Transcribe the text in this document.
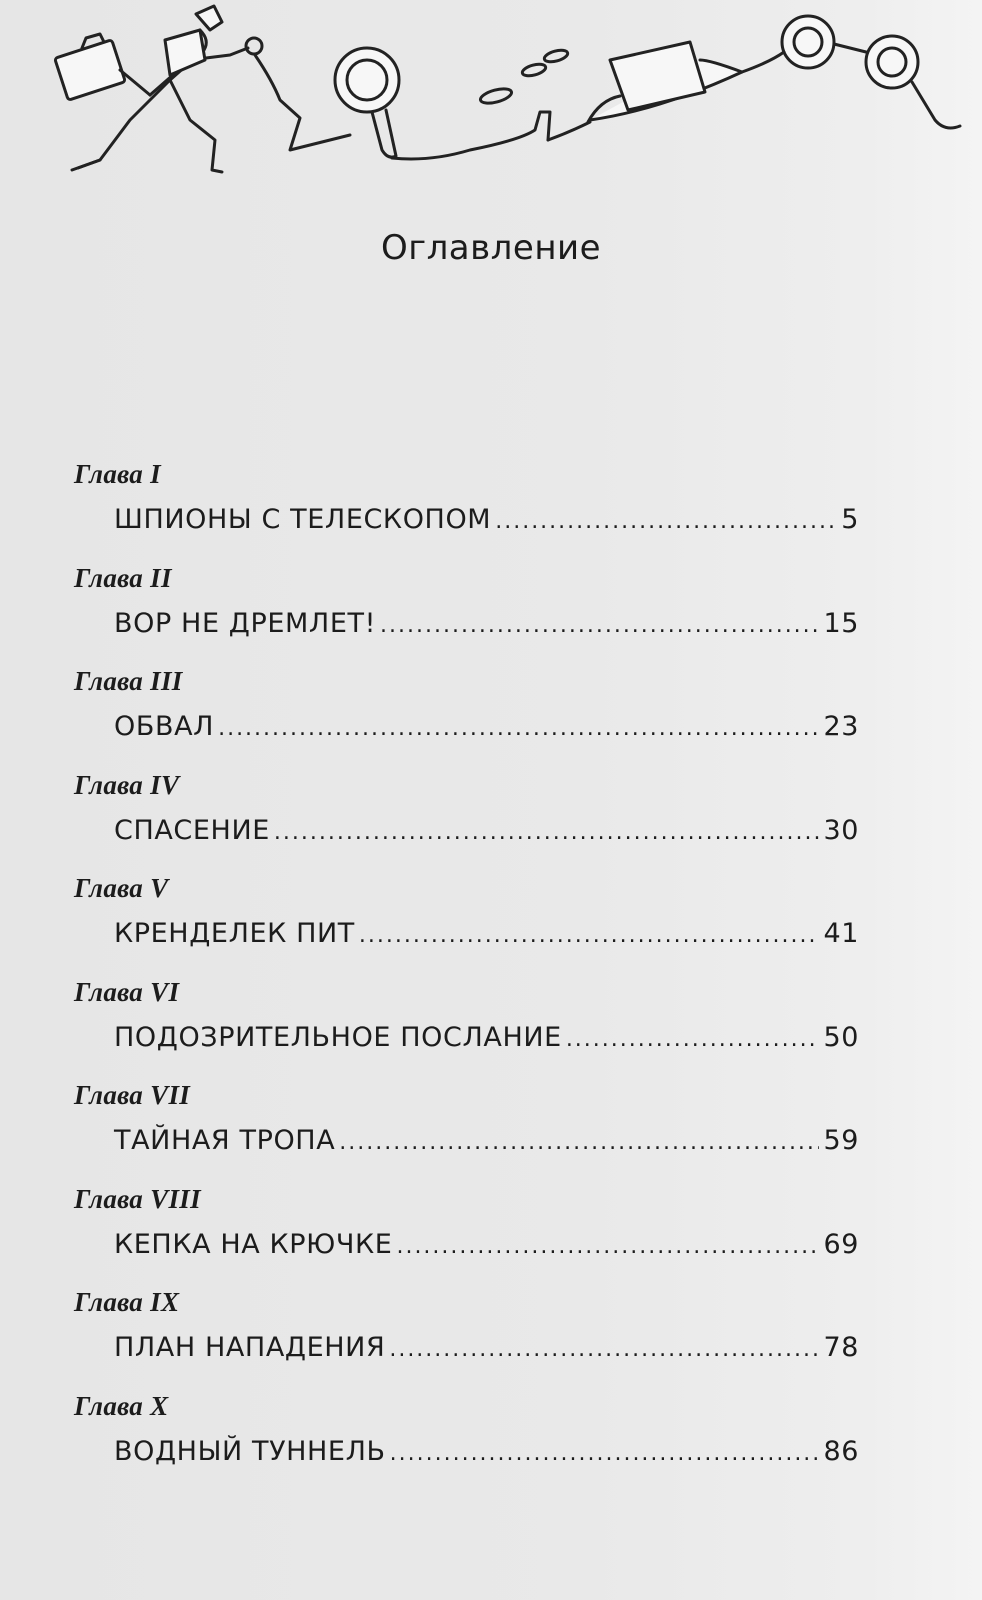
Оглавление
Глава I
ШПИОНЫ С ТЕЛЕСКОПОМ .....	5
Глава II
ВОР НЕ ДРЕМЛЕТ! .....	15
Глава III
ОБВАЛ .....	23
Глава IV
СПАСЕНИЕ .....	30
Глава V
КРЕНДЕЛЕК ПИТ .....	41
Глава VI
ПОДОЗРИТЕЛЬНОЕ ПОСЛАНИЕ .....	50
Глава VII
ТАЙНАЯ ТРОПА .....	59
Глава VIII
КЕПКА НА КРЮЧКЕ .....	69
Глава IX
ПЛАН НАПАДЕНИЯ .....	78
Глава X
ВОДНЫЙ ТУННЕЛЬ .....	86
